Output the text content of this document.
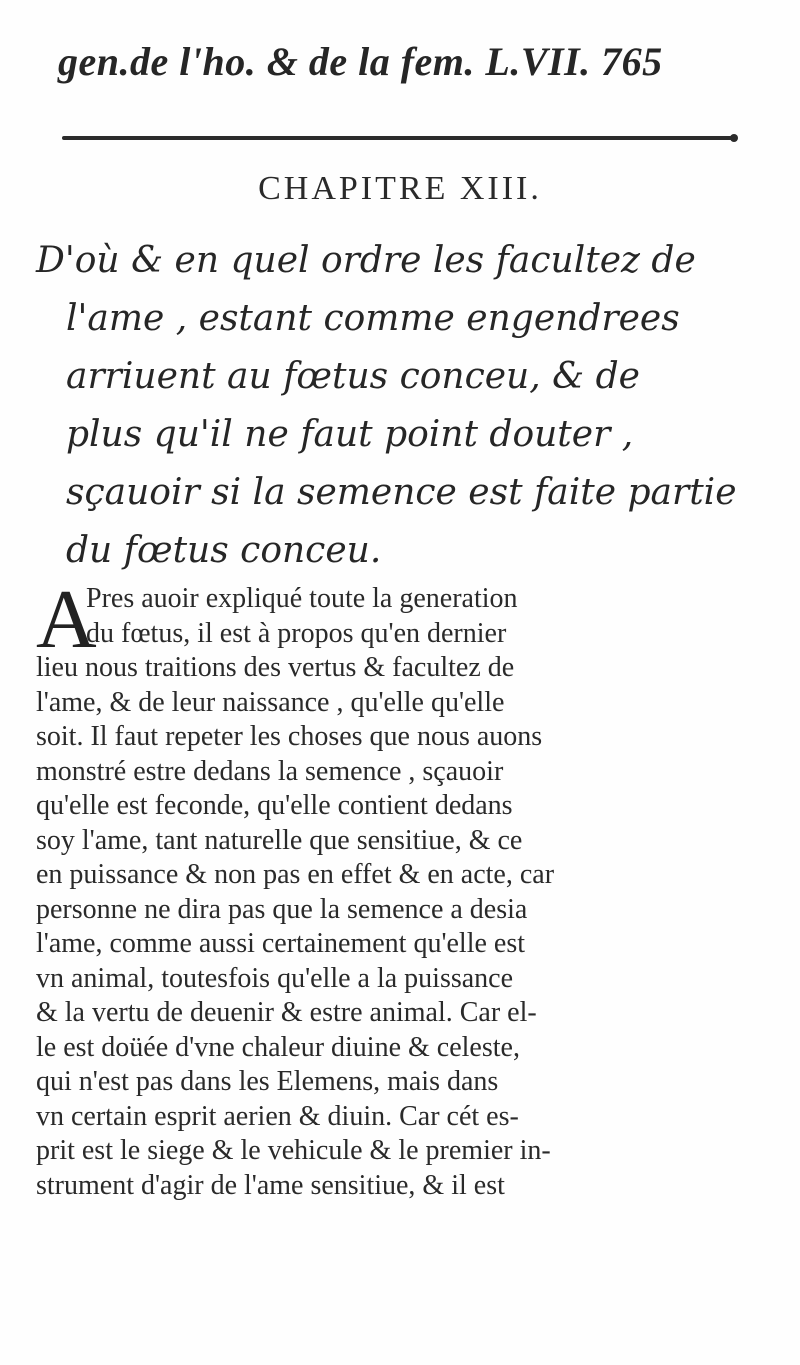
gen.de l'ho. & de la fem. L.VII. 765
CHAPITRE XIII.
D'où & en quel ordre les facultez de
l'ame , estant comme engendrees
arriuent au fœtus conceu, & de
plus qu'il ne faut point douter ,
sçauoir si la semence est faite partie
du fœtus conceu.
A
Pres auoir expliqué toute la generation
du fœtus, il est à propos qu'en dernier
lieu nous traitions des vertus & facultez de
l'ame, & de leur naissance , qu'elle qu'elle
soit. Il faut repeter les choses que nous auons
monstré estre dedans la semence , sçauoir
qu'elle est feconde, qu'elle contient dedans
soy l'ame, tant naturelle que sensitiue, & ce
en puissance & non pas en effet & en acte, car
personne ne dira pas que la semence a desia
l'ame, comme aussi certainement qu'elle est
vn animal, toutesfois qu'elle a la puissance
& la vertu de deuenir & estre animal. Car el-
le est doüée d'vne chaleur diuine & celeste,
qui n'est pas dans les Elemens, mais dans
vn certain esprit aerien & diuin. Car cét es-
prit est le siege & le vehicule & le premier in-
strument d'agir de l'ame sensitiue, & il est
